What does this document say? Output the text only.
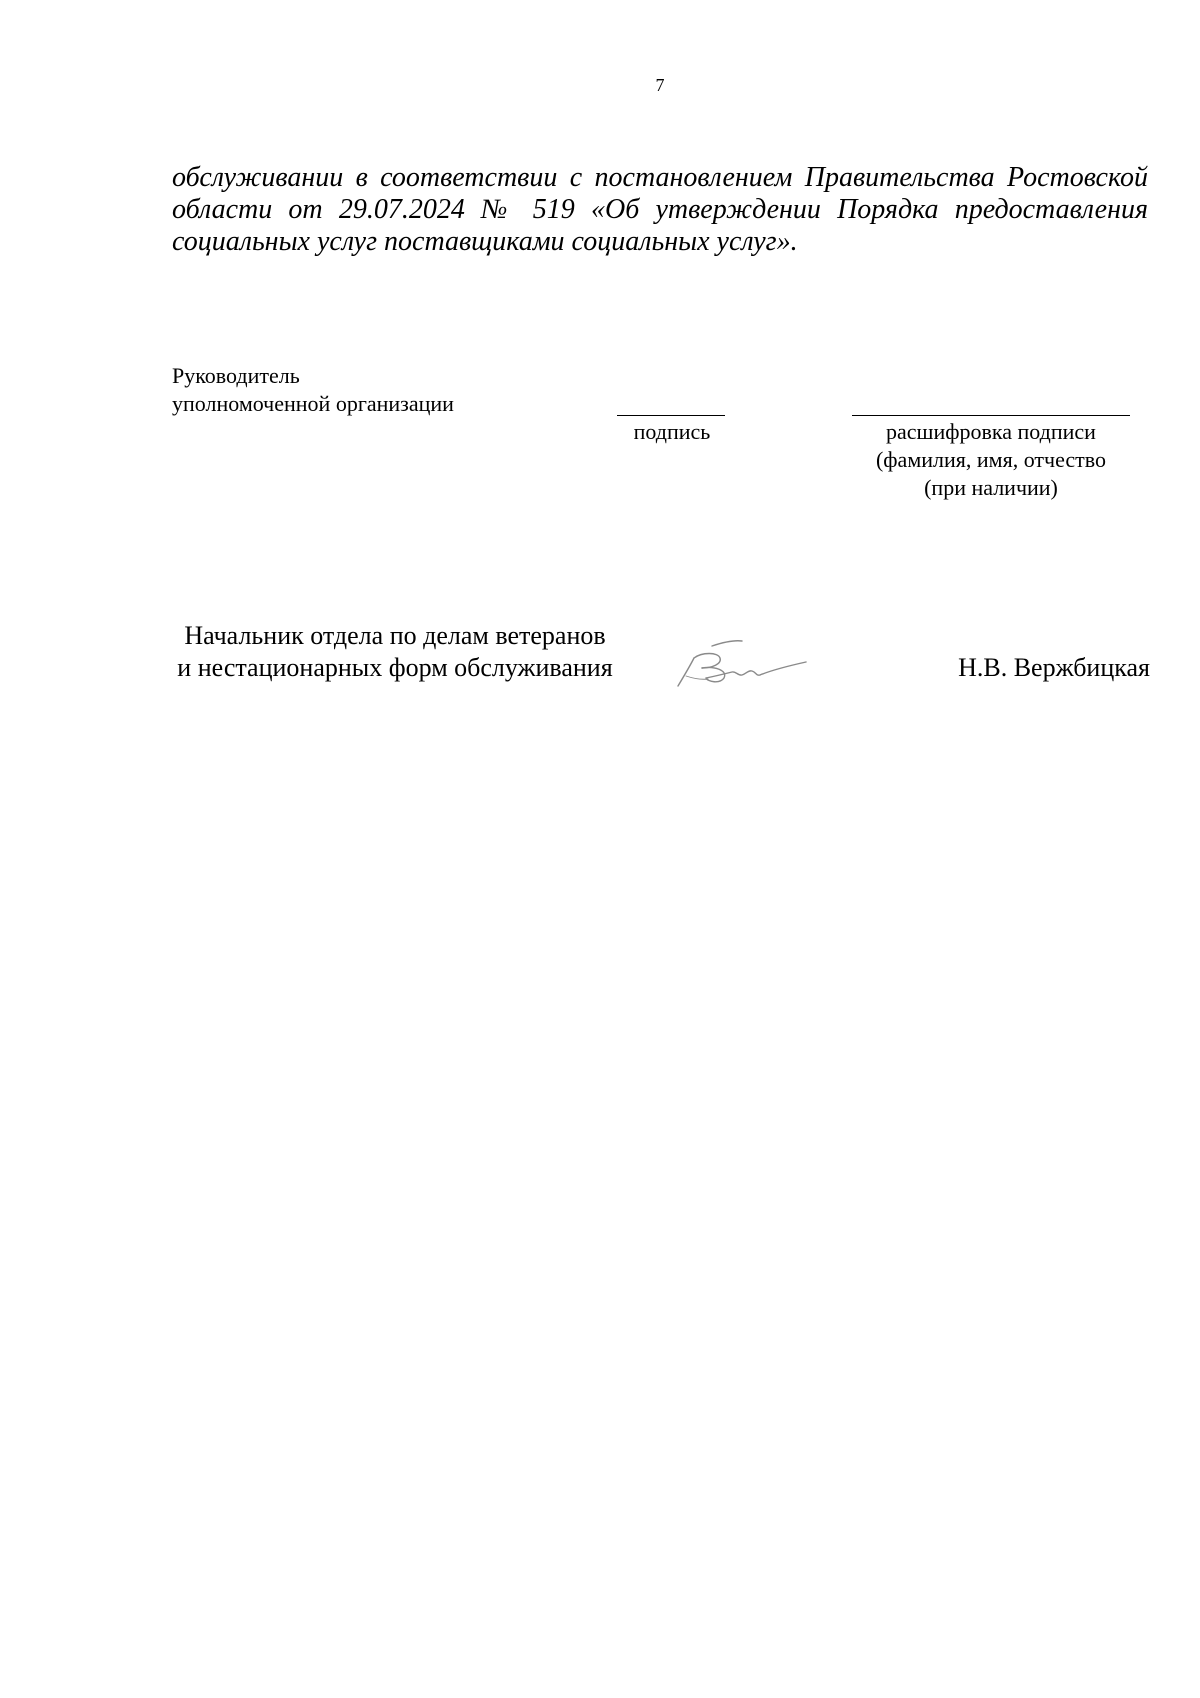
7

обслуживании в соответствии с постановлением Правительства Ростовской области от 29.07.2024 № 519 «Об утверждении Порядка предоставления социальных услуг поставщиками социальных услуг».

Руководитель
уполномоченной организации
подпись	расшифровка подписи
(фамилия, имя, отчество
(при наличии)
Начальник отдела по делам ветеранов
и нестационарных форм обслуживания	Н.В. Вержбицкая
